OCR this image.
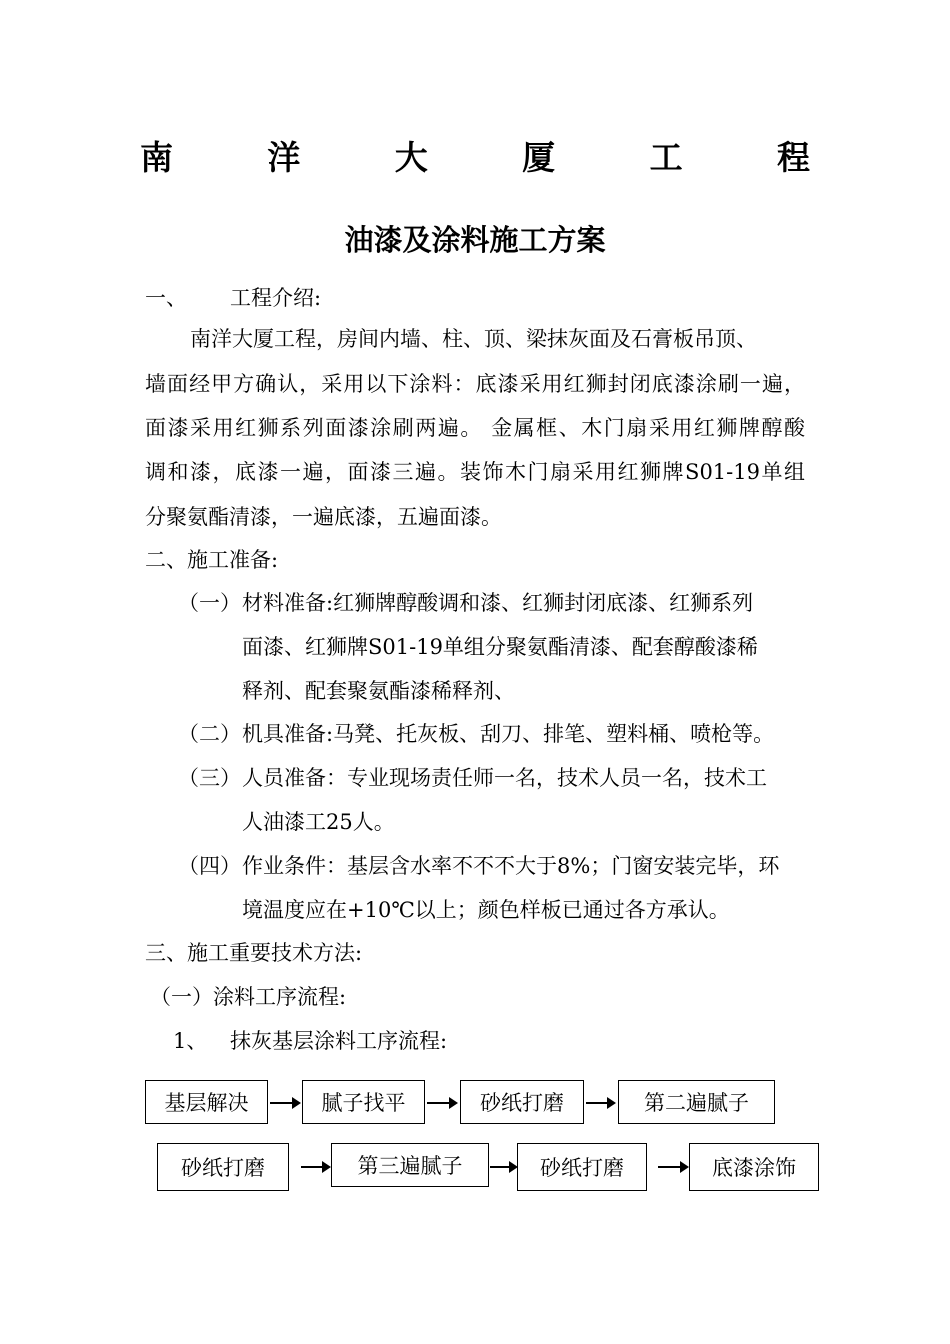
南	洋	大	厦	工	程
油漆及涂料施工方案
一、 工程介绍:
南洋大厦工程，房间内墙、柱、顶、梁抹灰面及石膏板吊顶、
墙面经甲方确认，采用以下涂料：底漆采用红狮封闭底漆涂刷一遍，
面漆采用红狮系列面漆涂刷两遍。 金属框、木门扇采用红狮牌醇酸
调和漆，底漆一遍，面漆三遍。装饰木门扇采用红狮牌S01-19单组
分聚氨酯清漆，一遍底漆，五遍面漆。
二、施工准备:
（一） 材料准备:红狮牌醇酸调和漆、红狮封闭底漆、红狮系列
面漆、红狮牌S01-19单组分聚氨酯清漆、配套醇酸漆稀
释剂、配套聚氨酯漆稀释剂、
（二） 机具准备:马凳、托灰板、刮刀、排笔、塑料桶、喷枪等。
（三） 人员准备：专业现场责任师一名，技术人员一名，技术工
人油漆工25人。
（四） 作业条件：基层含水率不不不大于8%；门窗安装完毕，环
境温度应在+10℃以上；颜色样板已通过各方承认。
三、施工重要技术方法:
（一）涂料工序流程:
1、 抹灰基层涂料工序流程:
基层解决	腻子找平	砂纸打磨	第二遍腻子
砂纸打磨	第三遍腻子	砂纸打磨	底漆涂饰
